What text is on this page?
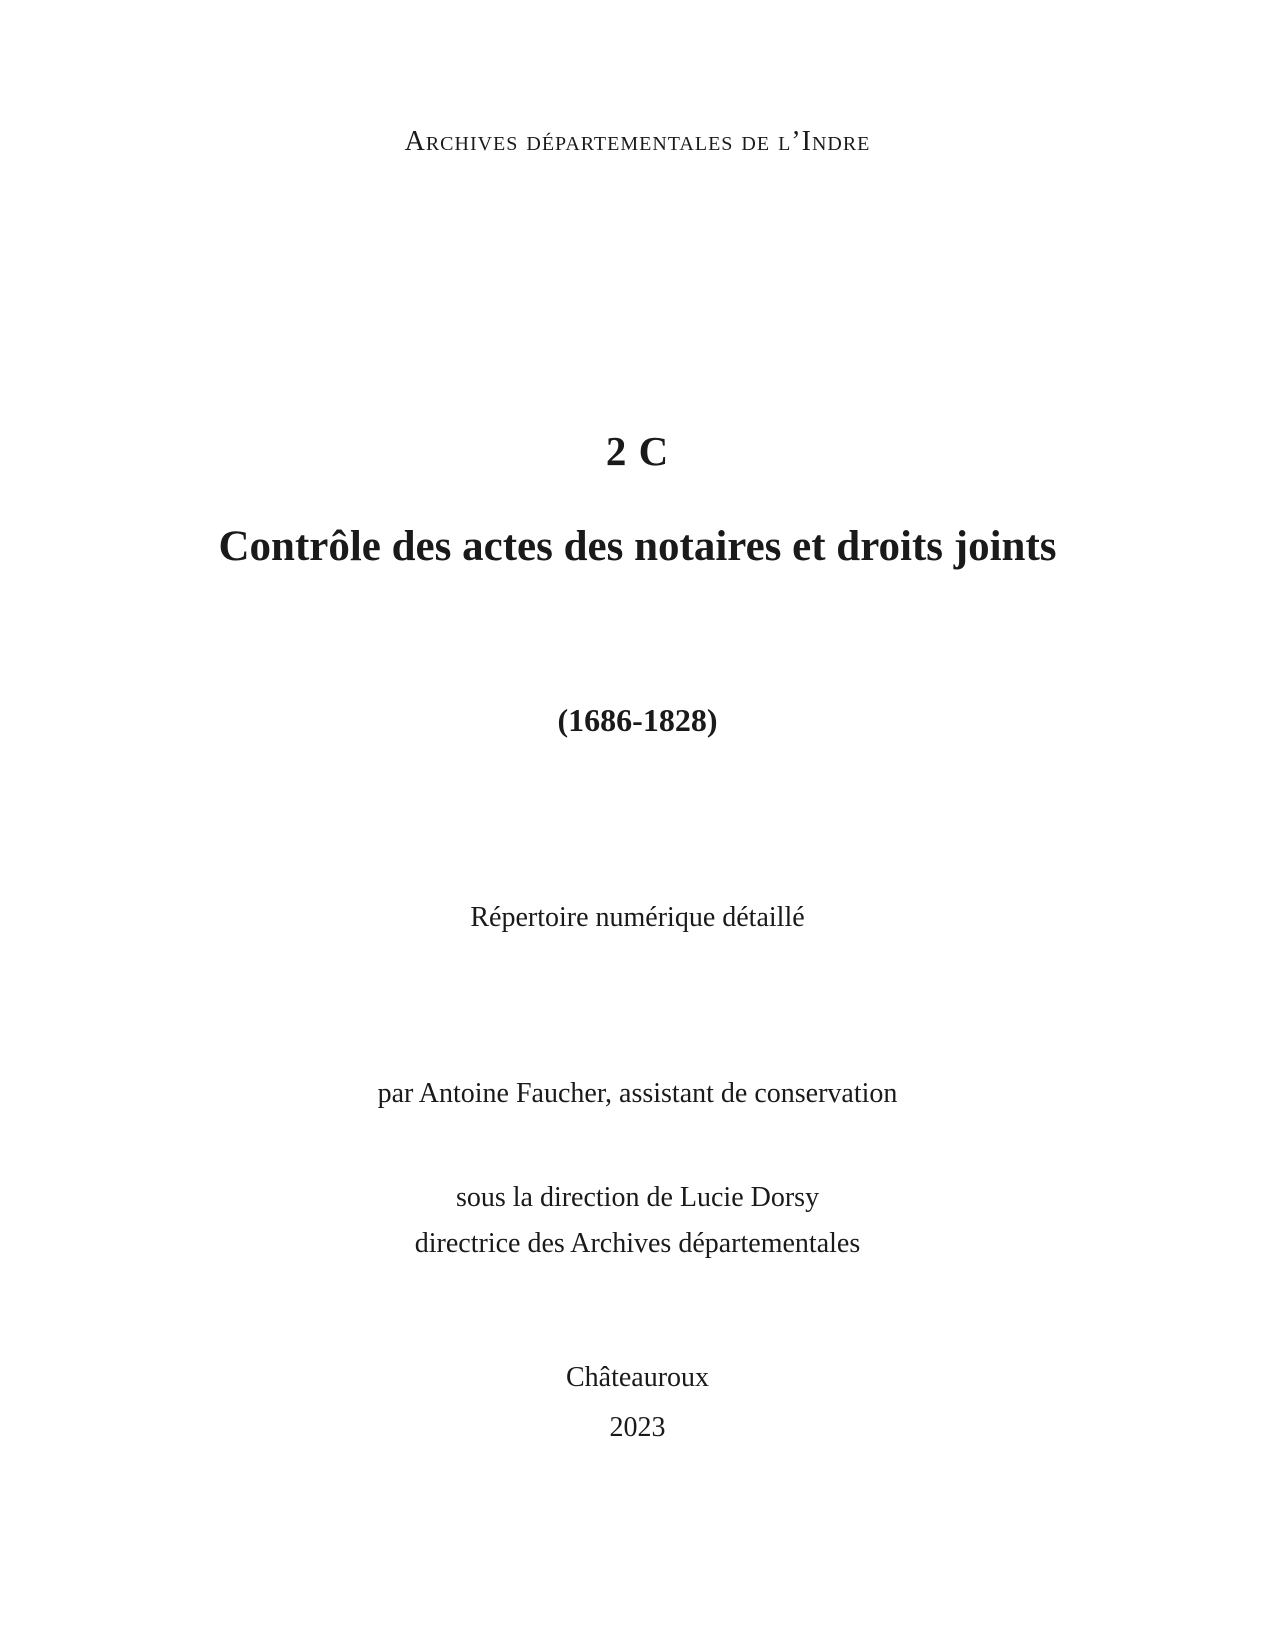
Archives départementales de l’Indre
2 C
Contrôle des actes des notaires et droits joints
(1686-1828)
Répertoire numérique détaillé
par Antoine Faucher, assistant de conservation
sous la direction de Lucie Dorsy
directrice des Archives départementales
Châteauroux
2023
